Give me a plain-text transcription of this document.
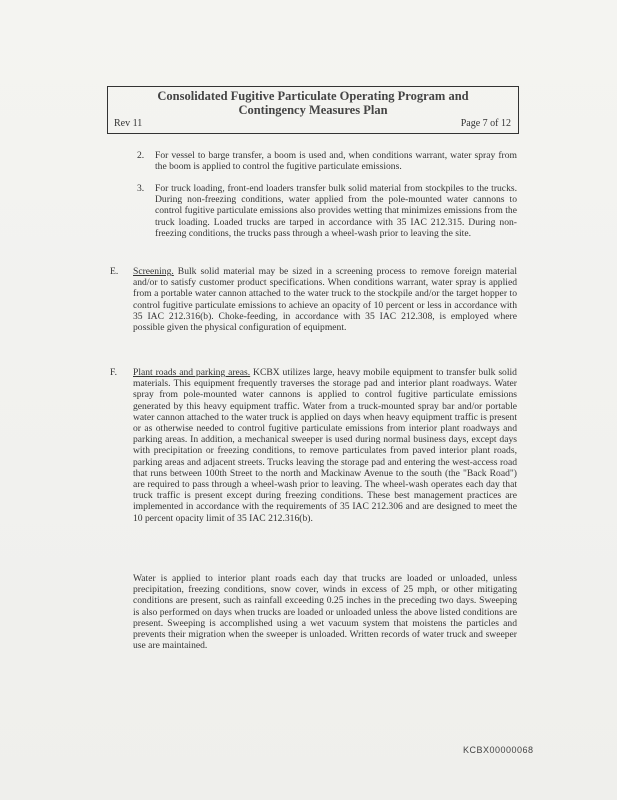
Consolidated Fugitive Particulate Operating Program and
Contingency Measures Plan
Rev 11	Page 7 of 12
2. For vessel to barge transfer, a boom is used and, when conditions warrant, water spray from the boom is applied to control the fugitive particulate emissions.
3. For truck loading, front-end loaders transfer bulk solid material from stockpiles to the trucks. During non-freezing conditions, water applied from the pole-mounted water cannons to control fugitive particulate emissions also provides wetting that minimizes emissions from the truck loading. Loaded trucks are tarped in accordance with 35 IAC 212.315. During non-freezing conditions, the trucks pass through a wheel-wash prior to leaving the site.
E. Screening. Bulk solid material may be sized in a screening process to remove foreign material and/or to satisfy customer product specifications. When conditions warrant, water spray is applied from a portable water cannon attached to the water truck to the stockpile and/or the target hopper to control fugitive particulate emissions to achieve an opacity of 10 percent or less in accordance with 35 IAC 212.316(b). Choke-feeding, in accordance with 35 IAC 212.308, is employed where possible given the physical configuration of equipment.
F. Plant roads and parking areas. KCBX utilizes large, heavy mobile equipment to transfer bulk solid materials. This equipment frequently traverses the storage pad and interior plant roadways. Water spray from pole-mounted water cannons is applied to control fugitive particulate emissions generated by this heavy equipment traffic. Water from a truck-mounted spray bar and/or portable water cannon attached to the water truck is applied on days when heavy equipment traffic is present or as otherwise needed to control fugitive particulate emissions from interior plant roadways and parking areas. In addition, a mechanical sweeper is used during normal business days, except days with precipitation or freezing conditions, to remove particulates from paved interior plant roads, parking areas and adjacent streets. Trucks leaving the storage pad and entering the west-access road that runs between 100th Street to the north and Mackinaw Avenue to the south (the "Back Road") are required to pass through a wheel-wash prior to leaving. The wheel-wash operates each day that truck traffic is present except during freezing conditions. These best management practices are implemented in accordance with the requirements of 35 IAC 212.306 and are designed to meet the 10 percent opacity limit of 35 IAC 212.316(b).
Water is applied to interior plant roads each day that trucks are loaded or unloaded, unless precipitation, freezing conditions, snow cover, winds in excess of 25 mph, or other mitigating conditions are present, such as rainfall exceeding 0.25 inches in the preceding two days. Sweeping is also performed on days when trucks are loaded or unloaded unless the above listed conditions are present. Sweeping is accomplished using a wet vacuum system that moistens the particles and prevents their migration when the sweeper is unloaded. Written records of water truck and sweeper use are maintained.
KCBX00000068
